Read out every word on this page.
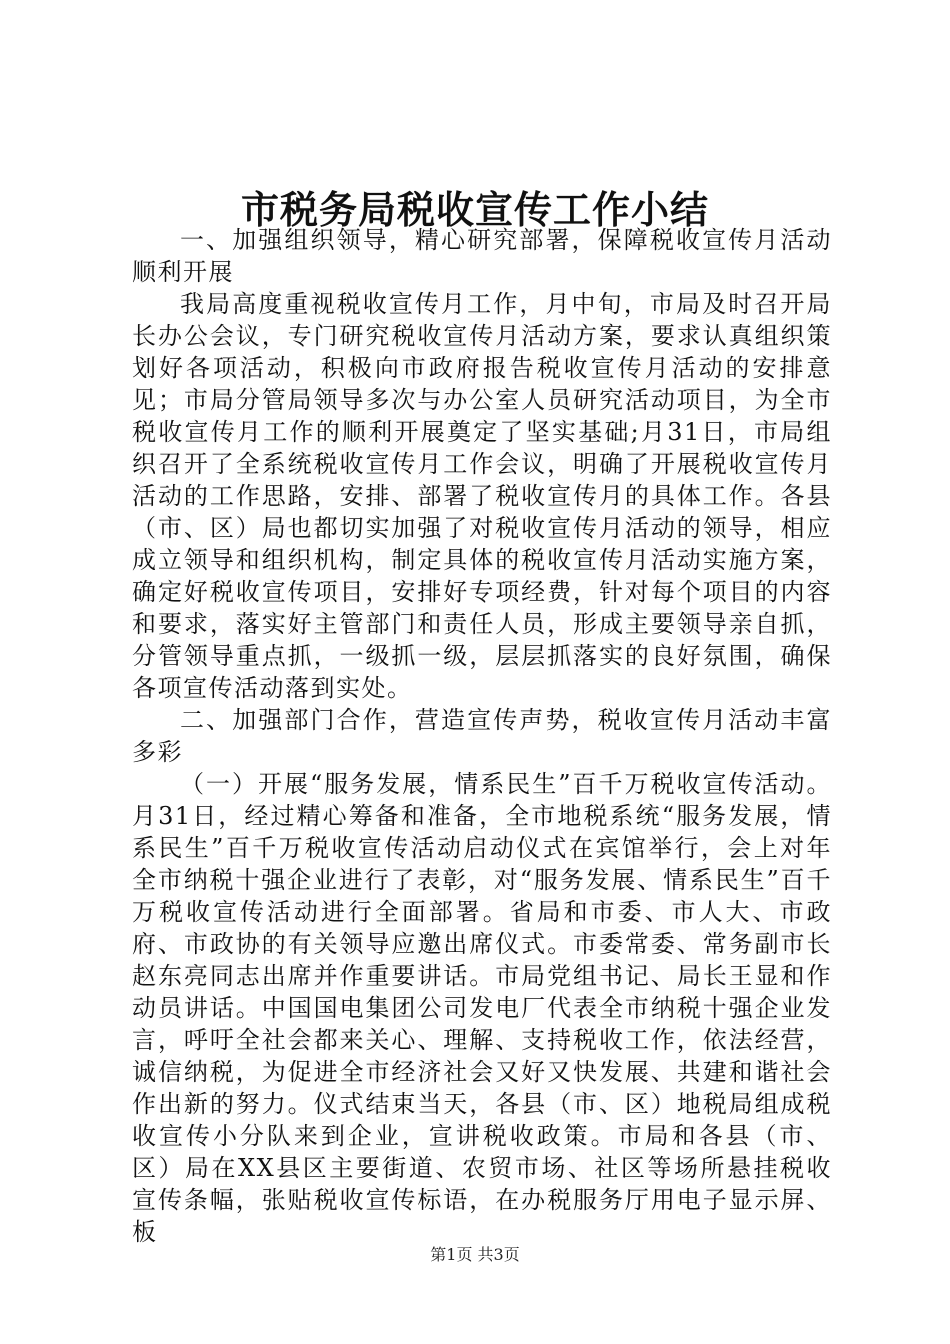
市税务局税收宣传工作小结

一、加强组织领导，精心研究部署，保障税收宣传月活动顺利开展

我局高度重视税收宣传月工作，月中旬，市局及时召开局长办公会议，专门研究税收宣传月活动方案，要求认真组织策划好各项活动，积极向市政府报告税收宣传月活动的安排意见；市局分管局领导多次与办公室人员研究活动项目，为全市税收宣传月工作的顺利开展奠定了坚实基础;月31日，市局组织召开了全系统税收宣传月工作会议，明确了开展税收宣传月活动的工作思路，安排、部署了税收宣传月的具体工作。各县（市、区）局也都切实加强了对税收宣传月活动的领导，相应成立领导和组织机构，制定具体的税收宣传月活动实施方案，确定好税收宣传项目，安排好专项经费，针对每个项目的内容和要求，落实好主管部门和责任人员，形成主要领导亲自抓，分管领导重点抓，一级抓一级，层层抓落实的良好氛围，确保各项宣传活动落到实处。

二、加强部门合作，营造宣传声势，税收宣传月活动丰富多彩

（一）开展“服务发展，情系民生”百千万税收宣传活动。月31日，经过精心筹备和准备，全市地税系统“服务发展，情系民生”百千万税收宣传活动启动仪式在宾馆举行，会上对年全市纳税十强企业进行了表彰，对“服务发展、情系民生”百千万税收宣传活动进行全面部署。省局和市委、市人大、市政府、市政协的有关领导应邀出席仪式。市委常委、常务副市长赵东亮同志出席并作重要讲话。市局党组书记、局长王显和作动员讲话。中国国电集团公司发电厂代表全市纳税十强企业发言，呼吁全社会都来关心、理解、支持税收工作，依法经营，诚信纳税，为促进全市经济社会又好又快发展、共建和谐社会作出新的努力。仪式结束当天，各县（市、区）地税局组成税收宣传小分队来到企业，宣讲税收政策。市局和各县（市、区）局在XX县区主要街道、农贸市场、社区等场所悬挂税收宣传条幅，张贴税收宣传标语，在办税服务厅用电子显示屏、板

第1页 共3页
